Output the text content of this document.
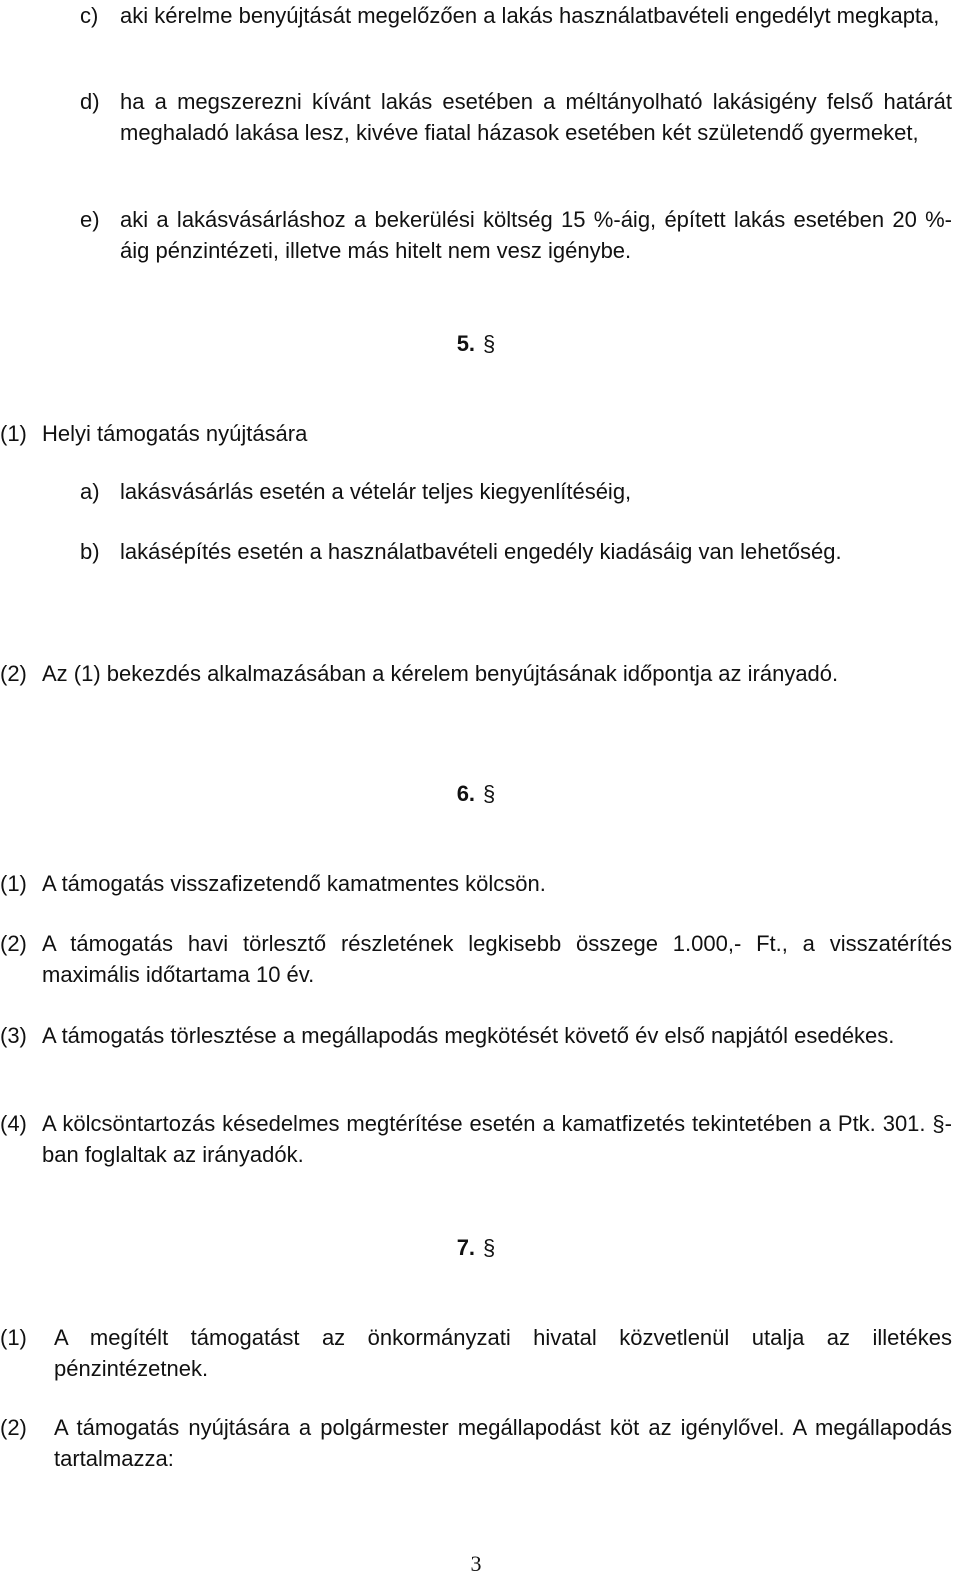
c) aki kérelme benyújtását megelőzően a lakás használatbavételi engedélyt megkapta,
d) ha a megszerezni kívánt lakás esetében a méltányolható lakásigény felső határát meghaladó lakása lesz, kivéve fiatal házasok esetében két születendő gyermeket,
e) aki a lakásvásárláshoz a bekerülési költség 15 %-áig, épített lakás esetében 20 %-áig pénzintézeti, illetve más hitelt nem vesz igénybe.
5. §
(1) Helyi támogatás nyújtására
a) lakásvásárlás esetén a vételár teljes kiegyenlítéséig,
b) lakásépítés esetén a használatbavételi engedély kiadásáig van lehetőség.
(2) Az (1) bekezdés alkalmazásában a kérelem benyújtásának időpontja az irányadó.
6. §
(1) A támogatás visszafizetendő kamatmentes kölcsön.
(2) A támogatás havi törlesztő részletének legkisebb összege 1.000,- Ft., a visszatérítés maximális időtartama 10 év.
(3) A támogatás törlesztése a megállapodás megkötését követő év első napjától esedékes.
(4) A kölcsöntartozás késedelmes megtérítése esetén a kamatfizetés tekintetében a Ptk. 301. §-ban foglaltak az irányadók.
7. §
(1)	A megítélt támogatást az önkormányzati hivatal közvetlenül utalja az illetékes pénzintézetnek.
(2)	A támogatás nyújtására a polgármester megállapodást köt az igénylővel. A megállapodás tartalmazza:
3
